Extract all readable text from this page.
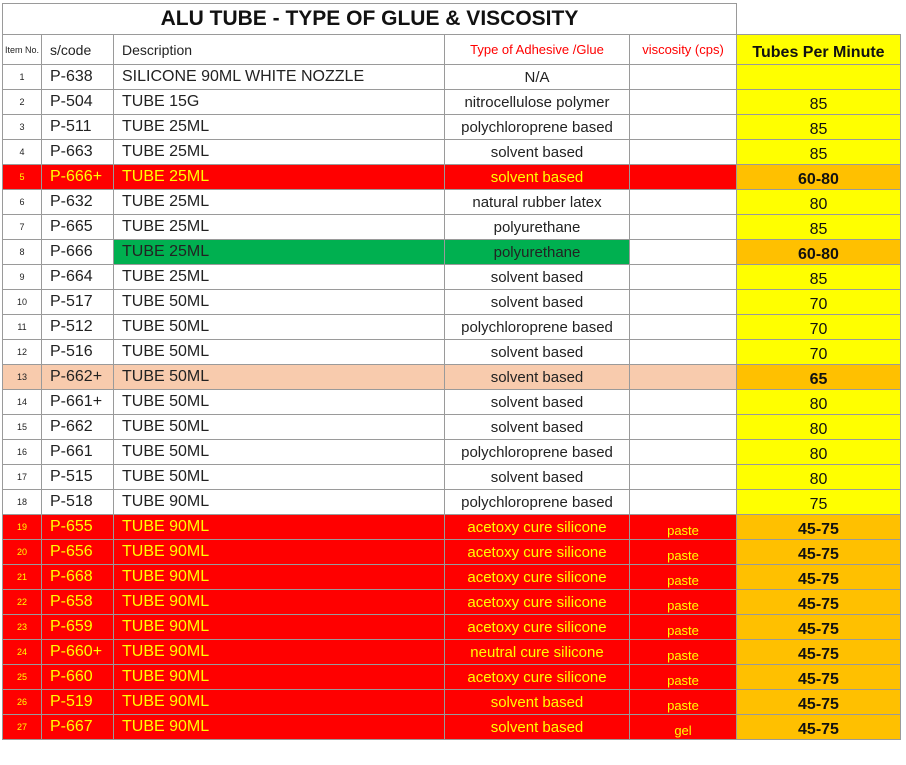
ALU TUBE - TYPE OF GLUE & VISCOSITY					
Item No.	s/code	Description	Type of Adhesive /Glue	viscosity (cps)	Tubes Per Minute
1	P-638	SILICONE 90ML WHITE NOZZLE	N/A		
2	P-504	TUBE 15G	nitrocellulose polymer		85
3	P-511	TUBE 25ML	polychloroprene based		85
4	P-663	TUBE 25ML	solvent based		85
5	P-666+	TUBE 25ML	solvent based		60-80
6	P-632	TUBE 25ML	natural rubber latex		80
7	P-665	TUBE 25ML	polyurethane		85
8	P-666	TUBE 25ML	polyurethane		60-80
9	P-664	TUBE 25ML	solvent based		85
10	P-517	TUBE 50ML	solvent based		70
11	P-512	TUBE 50ML	polychloroprene based		70
12	P-516	TUBE 50ML	solvent based		70
13	P-662+	TUBE 50ML	solvent based		65
14	P-661+	TUBE 50ML	solvent based		80
15	P-662	TUBE 50ML	solvent based		80
16	P-661	TUBE 50ML	polychloroprene based		80
17	P-515	TUBE 50ML	solvent based		80
18	P-518	TUBE 90ML	polychloroprene based		75
19	P-655	TUBE 90ML	acetoxy cure silicone	paste	45-75
20	P-656	TUBE 90ML	acetoxy cure silicone	paste	45-75
21	P-668	TUBE 90ML	acetoxy cure silicone	paste	45-75
22	P-658	TUBE 90ML	acetoxy cure silicone	paste	45-75
23	P-659	TUBE 90ML	acetoxy cure silicone	paste	45-75
24	P-660+	TUBE 90ML	neutral cure silicone	paste	45-75
25	P-660	TUBE 90ML	acetoxy cure silicone	paste	45-75
26	P-519	TUBE 90ML	solvent based	paste	45-75
27	P-667	TUBE 90ML	solvent based	gel	45-75
